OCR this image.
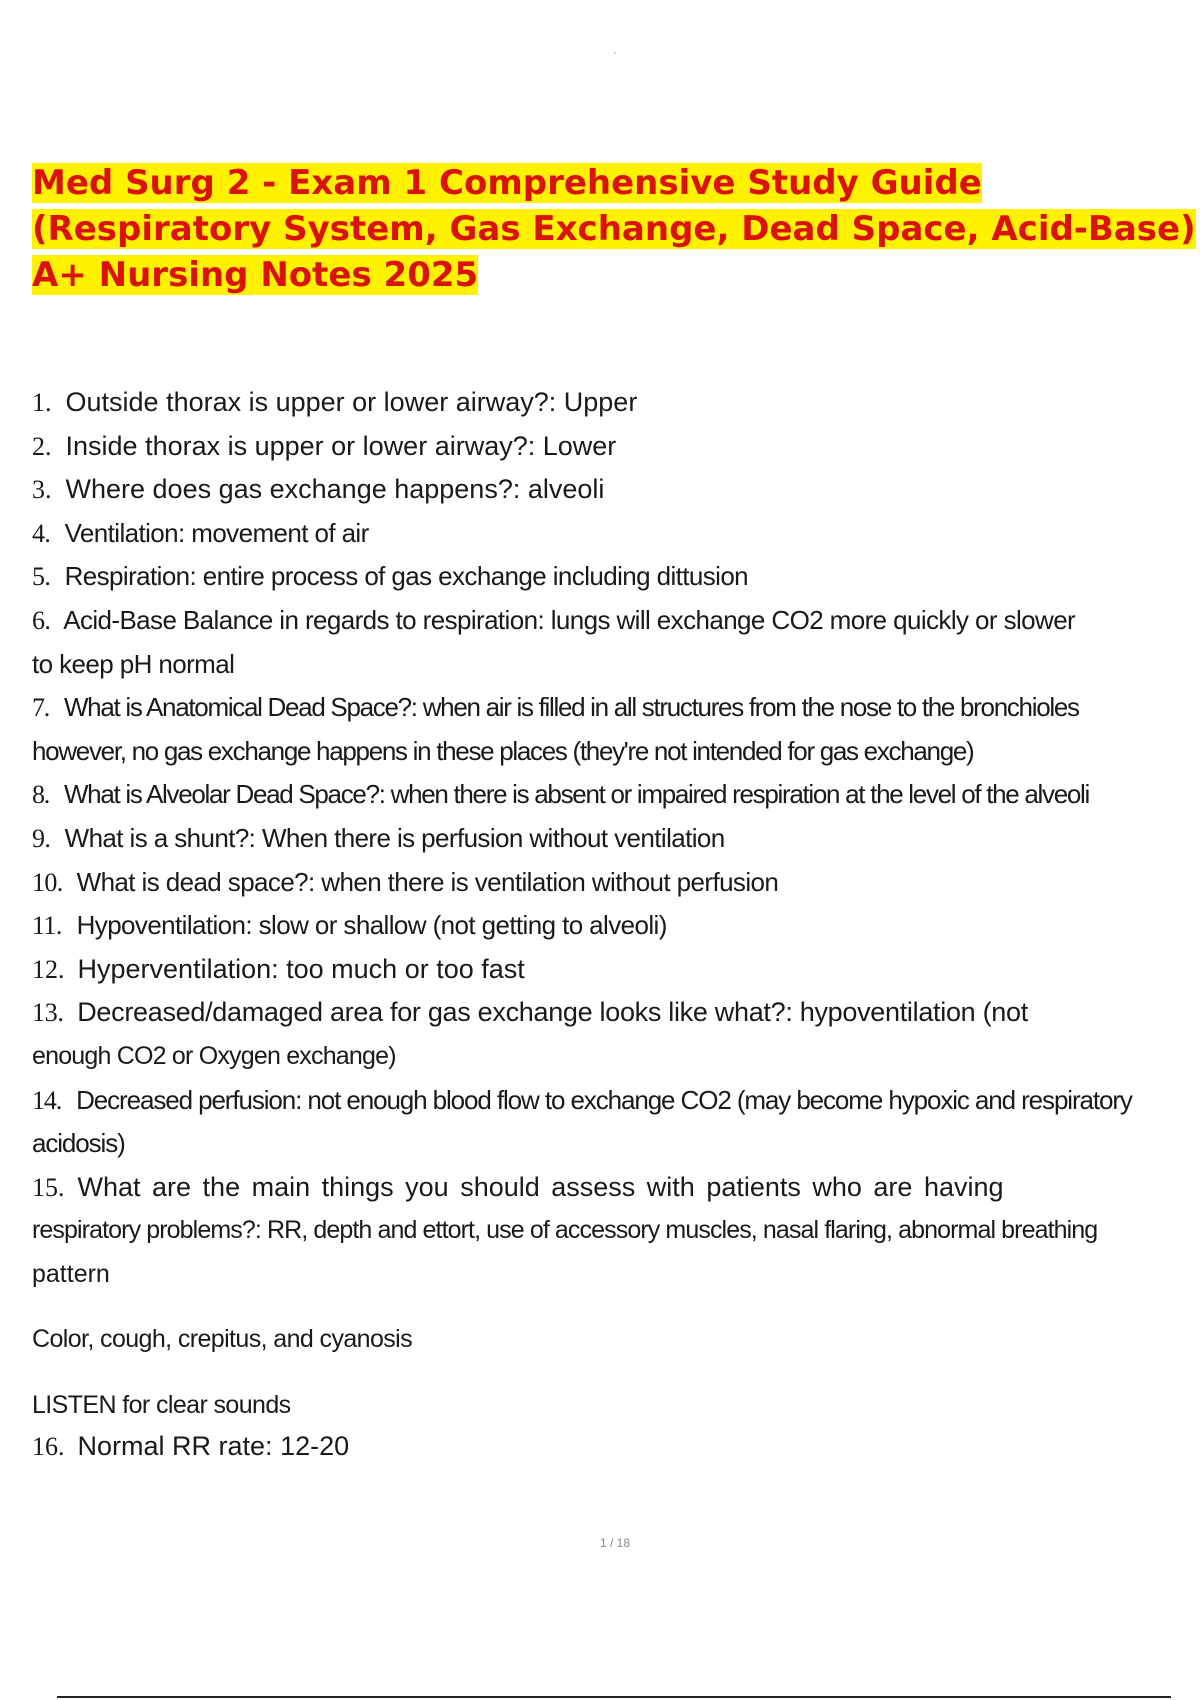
Med Surg 2 - Exam 1 Comprehensive Study Guide (Respiratory System, Gas Exchange, Dead Space, Acid-Base) A+ Nursing Notes 2025
1. Outside thorax is upper or lower airway?: Upper
2. Inside thorax is upper or lower airway?: Lower
3. Where does gas exchange happens?: alveoli
4. Ventilation: movement of air
5. Respiration: entire process of gas exchange including dittusion
6. Acid-Base Balance in regards to respiration: lungs will exchange CO2 more quickly or slower
to keep pH normal
7. What is Anatomical Dead Space?: when air is filled in all structures from the nose to the bronchioles
however, no gas exchange happens in these places (they're not intended for gas exchange)
8. What is Alveolar Dead Space?: when there is absent or impaired respiration at the level of the alveoli
9. What is a shunt?: When there is perfusion without ventilation
10. What is dead space?: when there is ventilation without perfusion
11. Hypoventilation: slow or shallow (not getting to alveoli)
12. Hyperventilation: too much or too fast
13. Decreased/damaged area for gas exchange looks like what?: hypoventilation (not
enough CO2 or Oxygen exchange)
14. Decreased perfusion: not enough blood flow to exchange CO2 (may become hypoxic and respiratory
acidosis)
15. What are the main things you should assess with patients who are having
respiratory problems?: RR, depth and ettort, use of accessory muscles, nasal flaring, abnormal breathing
pattern
Color, cough, crepitus, and cyanosis
LISTEN for clear sounds
16. Normal RR rate: 12-20
1 / 18
